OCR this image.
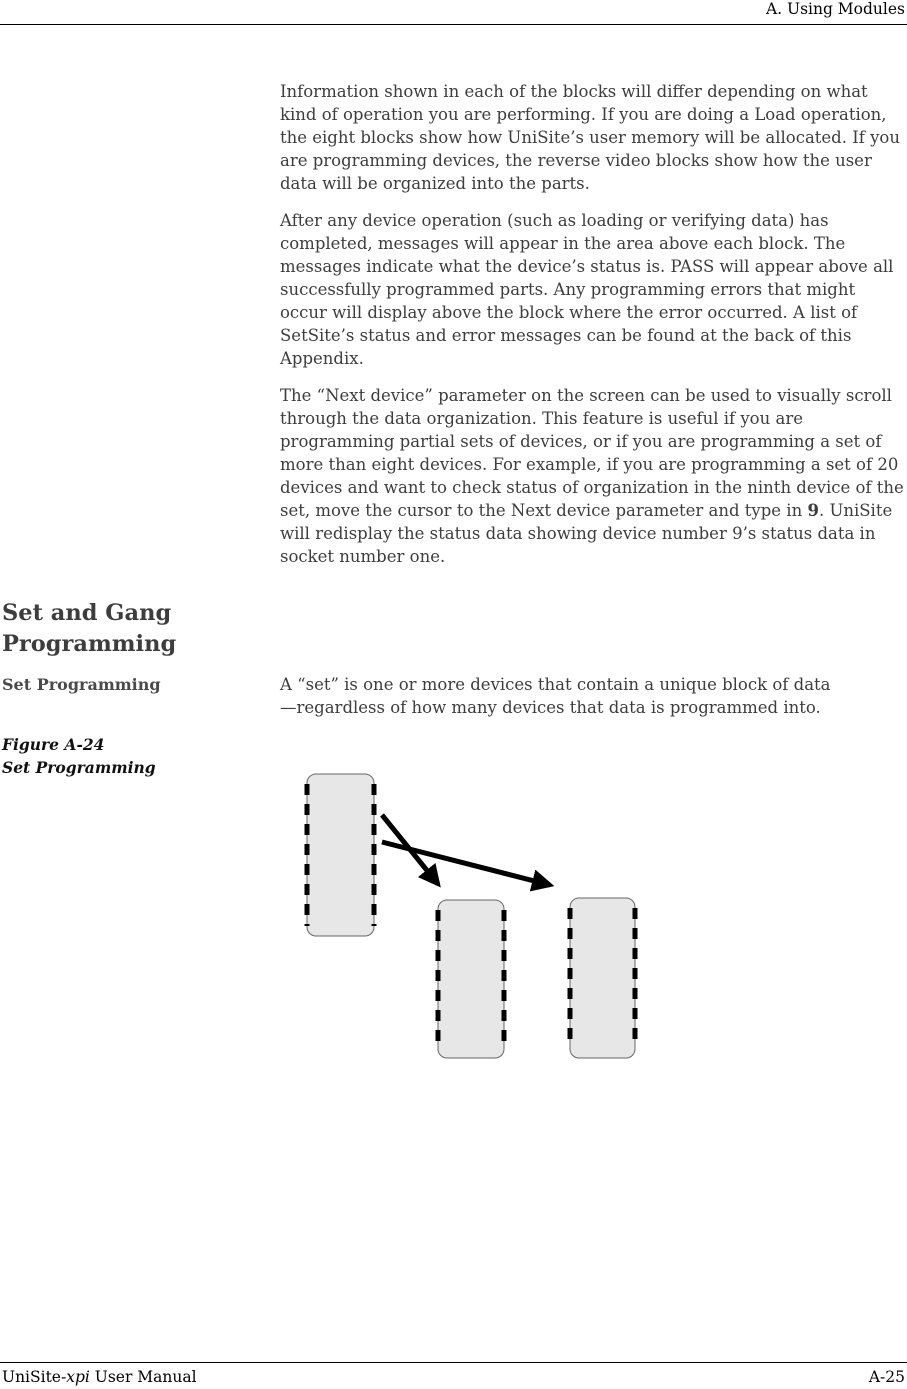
A. Using Modules

Information shown in each of the blocks will differ depending on what kind of operation you are performing. If you are doing a Load operation, the eight blocks show how UniSite’s user memory will be allocated. If you are programming devices, the reverse video blocks show how the user data will be organized into the parts.

After any device operation (such as loading or verifying data) has completed, messages will appear in the area above each block. The messages indicate what the device’s status is. PASS will appear above all successfully programmed parts. Any programming errors that might occur will display above the block where the error occurred. A list of SetSite’s status and error messages can be found at the back of this Appendix.

The “Next device” parameter on the screen can be used to visually scroll through the data organization. This feature is useful if you are programming partial sets of devices, or if you are programming a set of more than eight devices. For example, if you are programming a set of 20 devices and want to check status of organization in the ninth device of the set, move the cursor to the Next device parameter and type in 9. UniSite will redisplay the status data showing device number 9’s status data in socket number one.

Set and Gang Programming
Set Programming	A “set” is one or more devices that contain a unique block of data—regardless of how many devices that data is programmed into.
Figure A-24
Set Programming
UniSite-xpi User Manual	A-25
